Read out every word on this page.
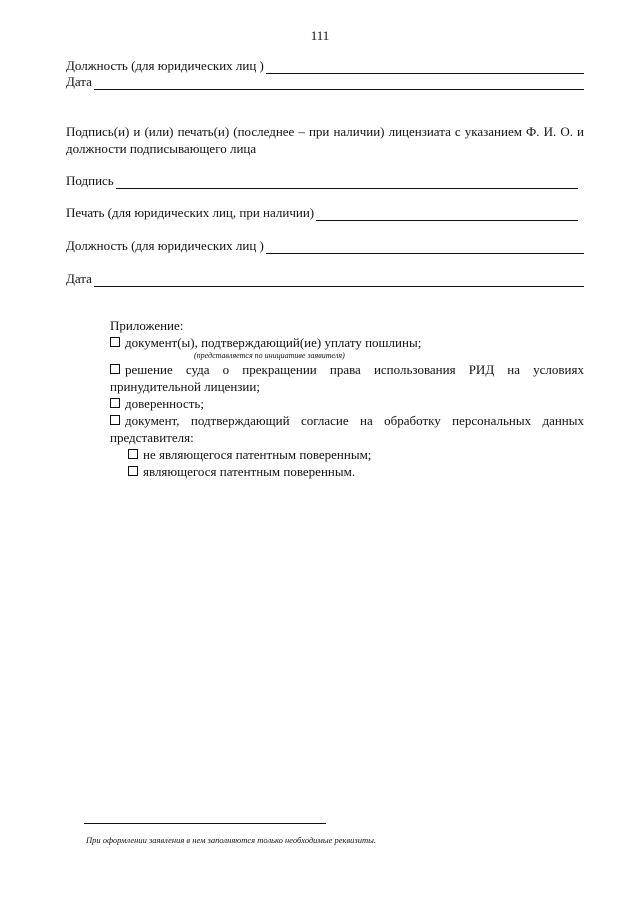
111
Должность (для юридических лиц )
Дата
Подпись(и) и (или) печать(и) (последнее – при наличии) лицензиата с указанием Ф. И. О. и должности подписывающего лица
Подпись
Печать (для юридических лиц, при наличии)
Должность (для юридических лиц )
Дата
Приложение:
документ(ы), подтверждающий(ие) уплату пошлины;
(представляется по инициативе заявителя)
решение суда о прекращении права использования РИД на условиях принудительной лицензии;
доверенность;
документ, подтверждающий согласие на обработку персональных данных представителя:
не являющегося патентным поверенным;
являющегося патентным поверенным.
При оформлении заявления в нем заполняются только необходимые реквизиты.
